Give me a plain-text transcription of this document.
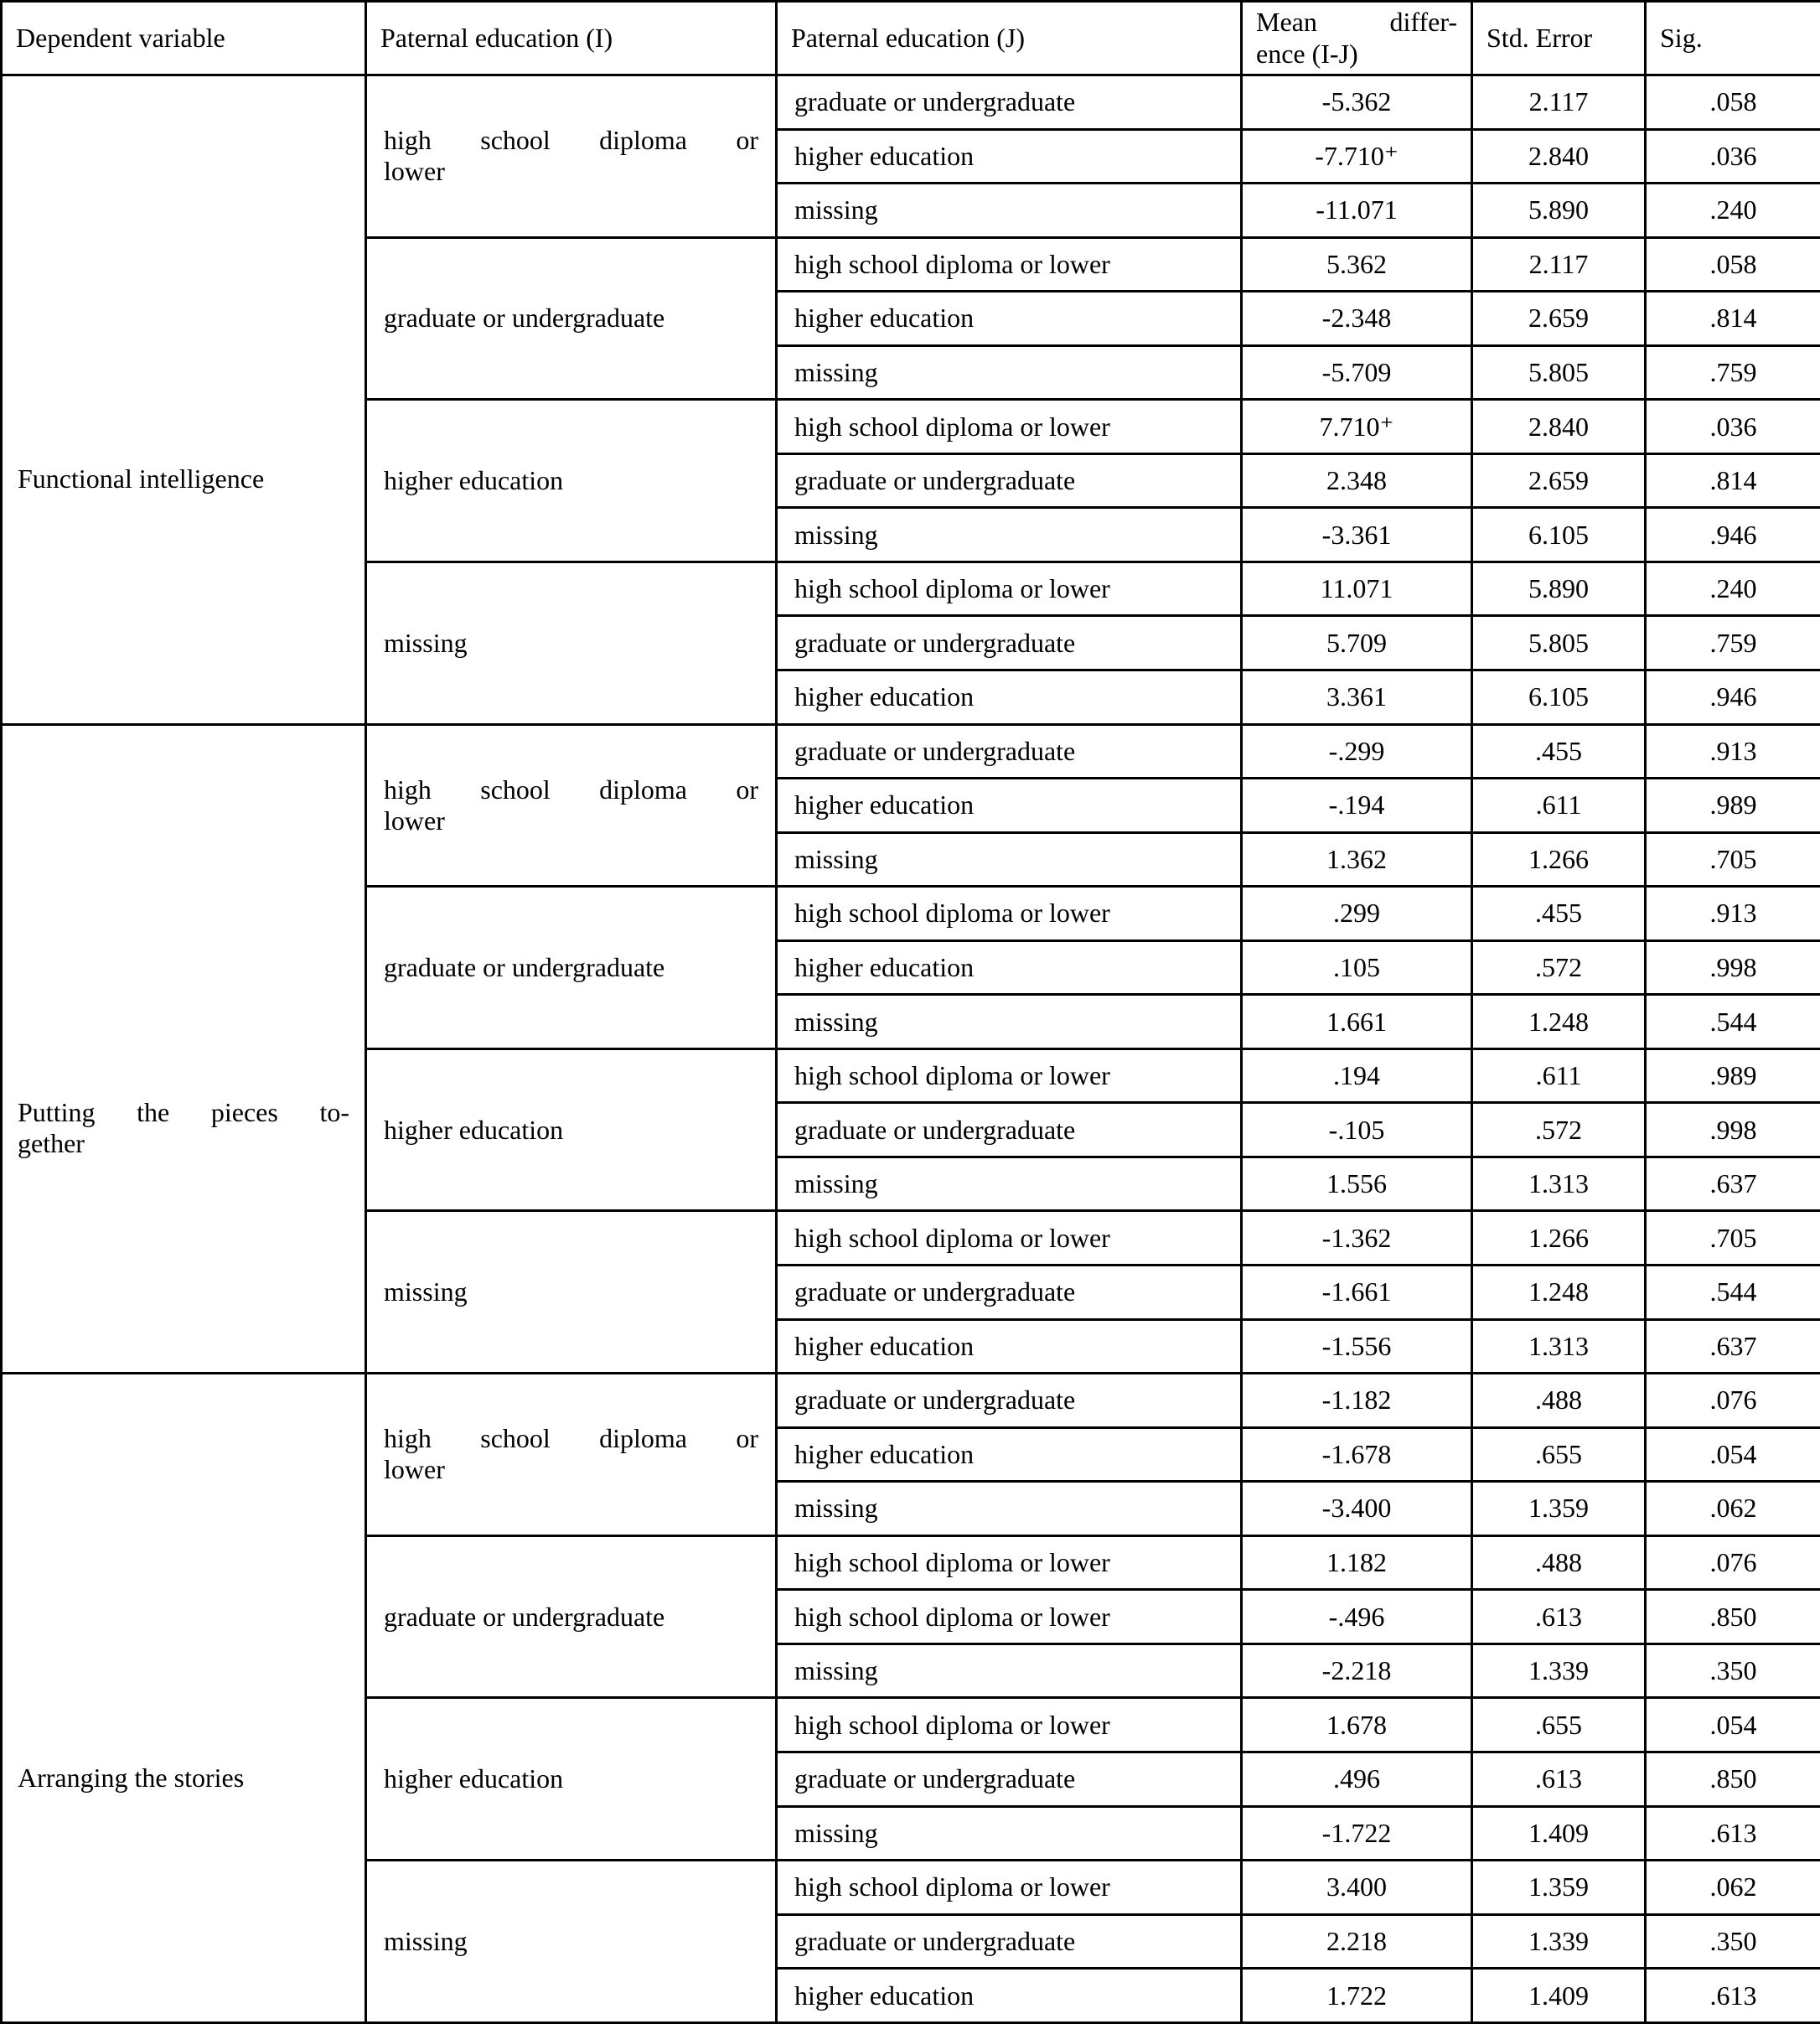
Dependent variable	Paternal education (I)	Paternal education (J)	Mean differ-
ence (I-J)	Std. Error	Sig.
Functional intelligence	high school diploma or
lower	graduate or undergraduate	-5.362	2.117	.058
		higher education	-7.710⁺	2.840	.036
		missing	-11.071	5.890	.240
	graduate or undergraduate	high school diploma or lower	5.362	2.117	.058
		higher education	-2.348	2.659	.814
		missing	-5.709	5.805	.759
	higher education	high school diploma or lower	7.710⁺	2.840	.036
		graduate or undergraduate	2.348	2.659	.814
		missing	-3.361	6.105	.946
	missing	high school diploma or lower	11.071	5.890	.240
		graduate or undergraduate	5.709	5.805	.759
		higher education	3.361	6.105	.946

Putting the pieces to-
gether	high school diploma or
lower	graduate or undergraduate	-.299	.455	.913
		higher education	-.194	.611	.989
		missing	1.362	1.266	.705
	graduate or undergraduate	high school diploma or lower	.299	.455	.913
		higher education	.105	.572	.998
		missing	1.661	1.248	.544
	higher education	high school diploma or lower	.194	.611	.989
		graduate or undergraduate	-.105	.572	.998
		missing	1.556	1.313	.637
	missing	high school diploma or lower	-1.362	1.266	.705
		graduate or undergraduate	-1.661	1.248	.544
		higher education	-1.556	1.313	.637
Arranging the stories	high school diploma or
lower	graduate or undergraduate	-1.182	.488	.076
		higher education	-1.678	.655	.054
		missing	-3.400	1.359	.062
	graduate or undergraduate	high school diploma or lower	1.182	.488	.076
		high school diploma or lower	-.496	.613	.850
		missing	-2.218	1.339	.350
	higher education	high school diploma or lower	1.678	.655	.054
		graduate or undergraduate	.496	.613	.850
		missing	-1.722	1.409	.613
	missing	high school diploma or lower	3.400	1.359	.062
		graduate or undergraduate	2.218	1.339	.350
		higher education	1.722	1.409	.613
